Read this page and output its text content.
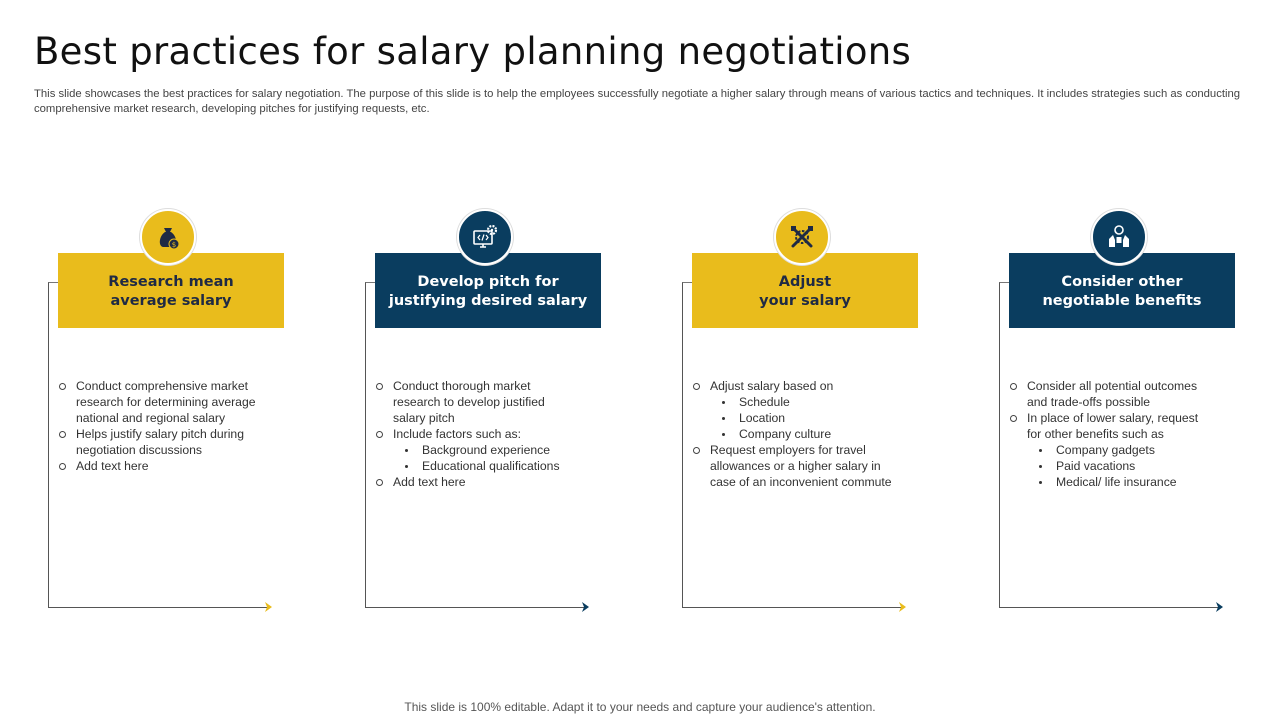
Best practices for salary planning negotiations

This slide showcases the best practices for salary negotiation. The purpose of this slide is to help the employees successfully negotiate a higher salary through means of various tactics and techniques. It includes strategies such as conducting comprehensive market research, developing pitches for justifying requests, etc.

Research mean
average salary
$
Conduct comprehensive market research for determining average national and regional salary
Helps justify salary pitch during negotiation discussions
Add text here
Develop pitch for
justifying desired salary
Conduct thorough market research to develop justified salary pitch
Include factors such as:
Background experience
Educational qualifications
Add text here
Adjust
your salary
Adjust salary based on
Schedule
Location
Company culture
Request employers for travel allowances or a higher salary in case of an inconvenient commute
Consider other
negotiable benefits
Consider all potential outcomes and trade-offs possible
In place of lower salary, request for other benefits such as
Company gadgets
Paid vacations
Medical/ life insurance

This slide is 100% editable. Adapt it to your needs and capture your audience's attention.
